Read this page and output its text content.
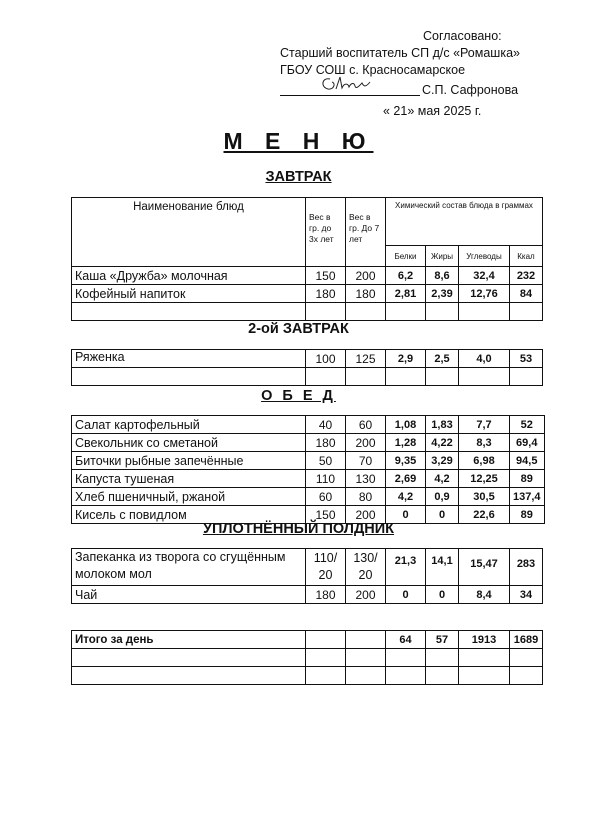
Согласовано:
Старший воспитатель СП д/с «Ромашка»
ГБОУ СОШ с. Красносамарское
С.П. Сафронова
« 21» мая 2025 г.
М Е Н Ю
ЗАВТРАК
Наименование блюд	Вес в гр. до 3х лет	Вес в гр. До 7 лет	Химический состав блюда в граммах			
			Белки	Жиры	Углеводы	Ккал
Каша «Дружба» молочная	150	200	6,2	8,6	32,4	232
Кофейный напиток	180	180	2,81	2,39	12,76	84

2-ой ЗАВТРАК
Ряженка	100	125	2,9	2,5	4,0	53

О Б Е Д
Салат картофельный	40	60	1,08	1,83	7,7	52
Свекольник со сметаной	180	200	1,28	4,22	8,3	69,4
Биточки рыбные запечённые	50	70	9,35	3,29	6,98	94,5
Капуста тушеная	110	130	2,69	4,2	12,25	89
Хлеб пшеничный, ржаной	60	80	4,2	0,9	30,5	137,4
Кисель с повидлом	150	200	0	0	22,6	89
УПЛОТНЁННЫЙ ПОЛДНИК
Запеканка из творога со сгущённым молоком мол	110/ 20	130/ 20	21,3	14,1	15,47	283
Чай	180	200	0	0	8,4	34
Итого за день			64	57	1913	1689
